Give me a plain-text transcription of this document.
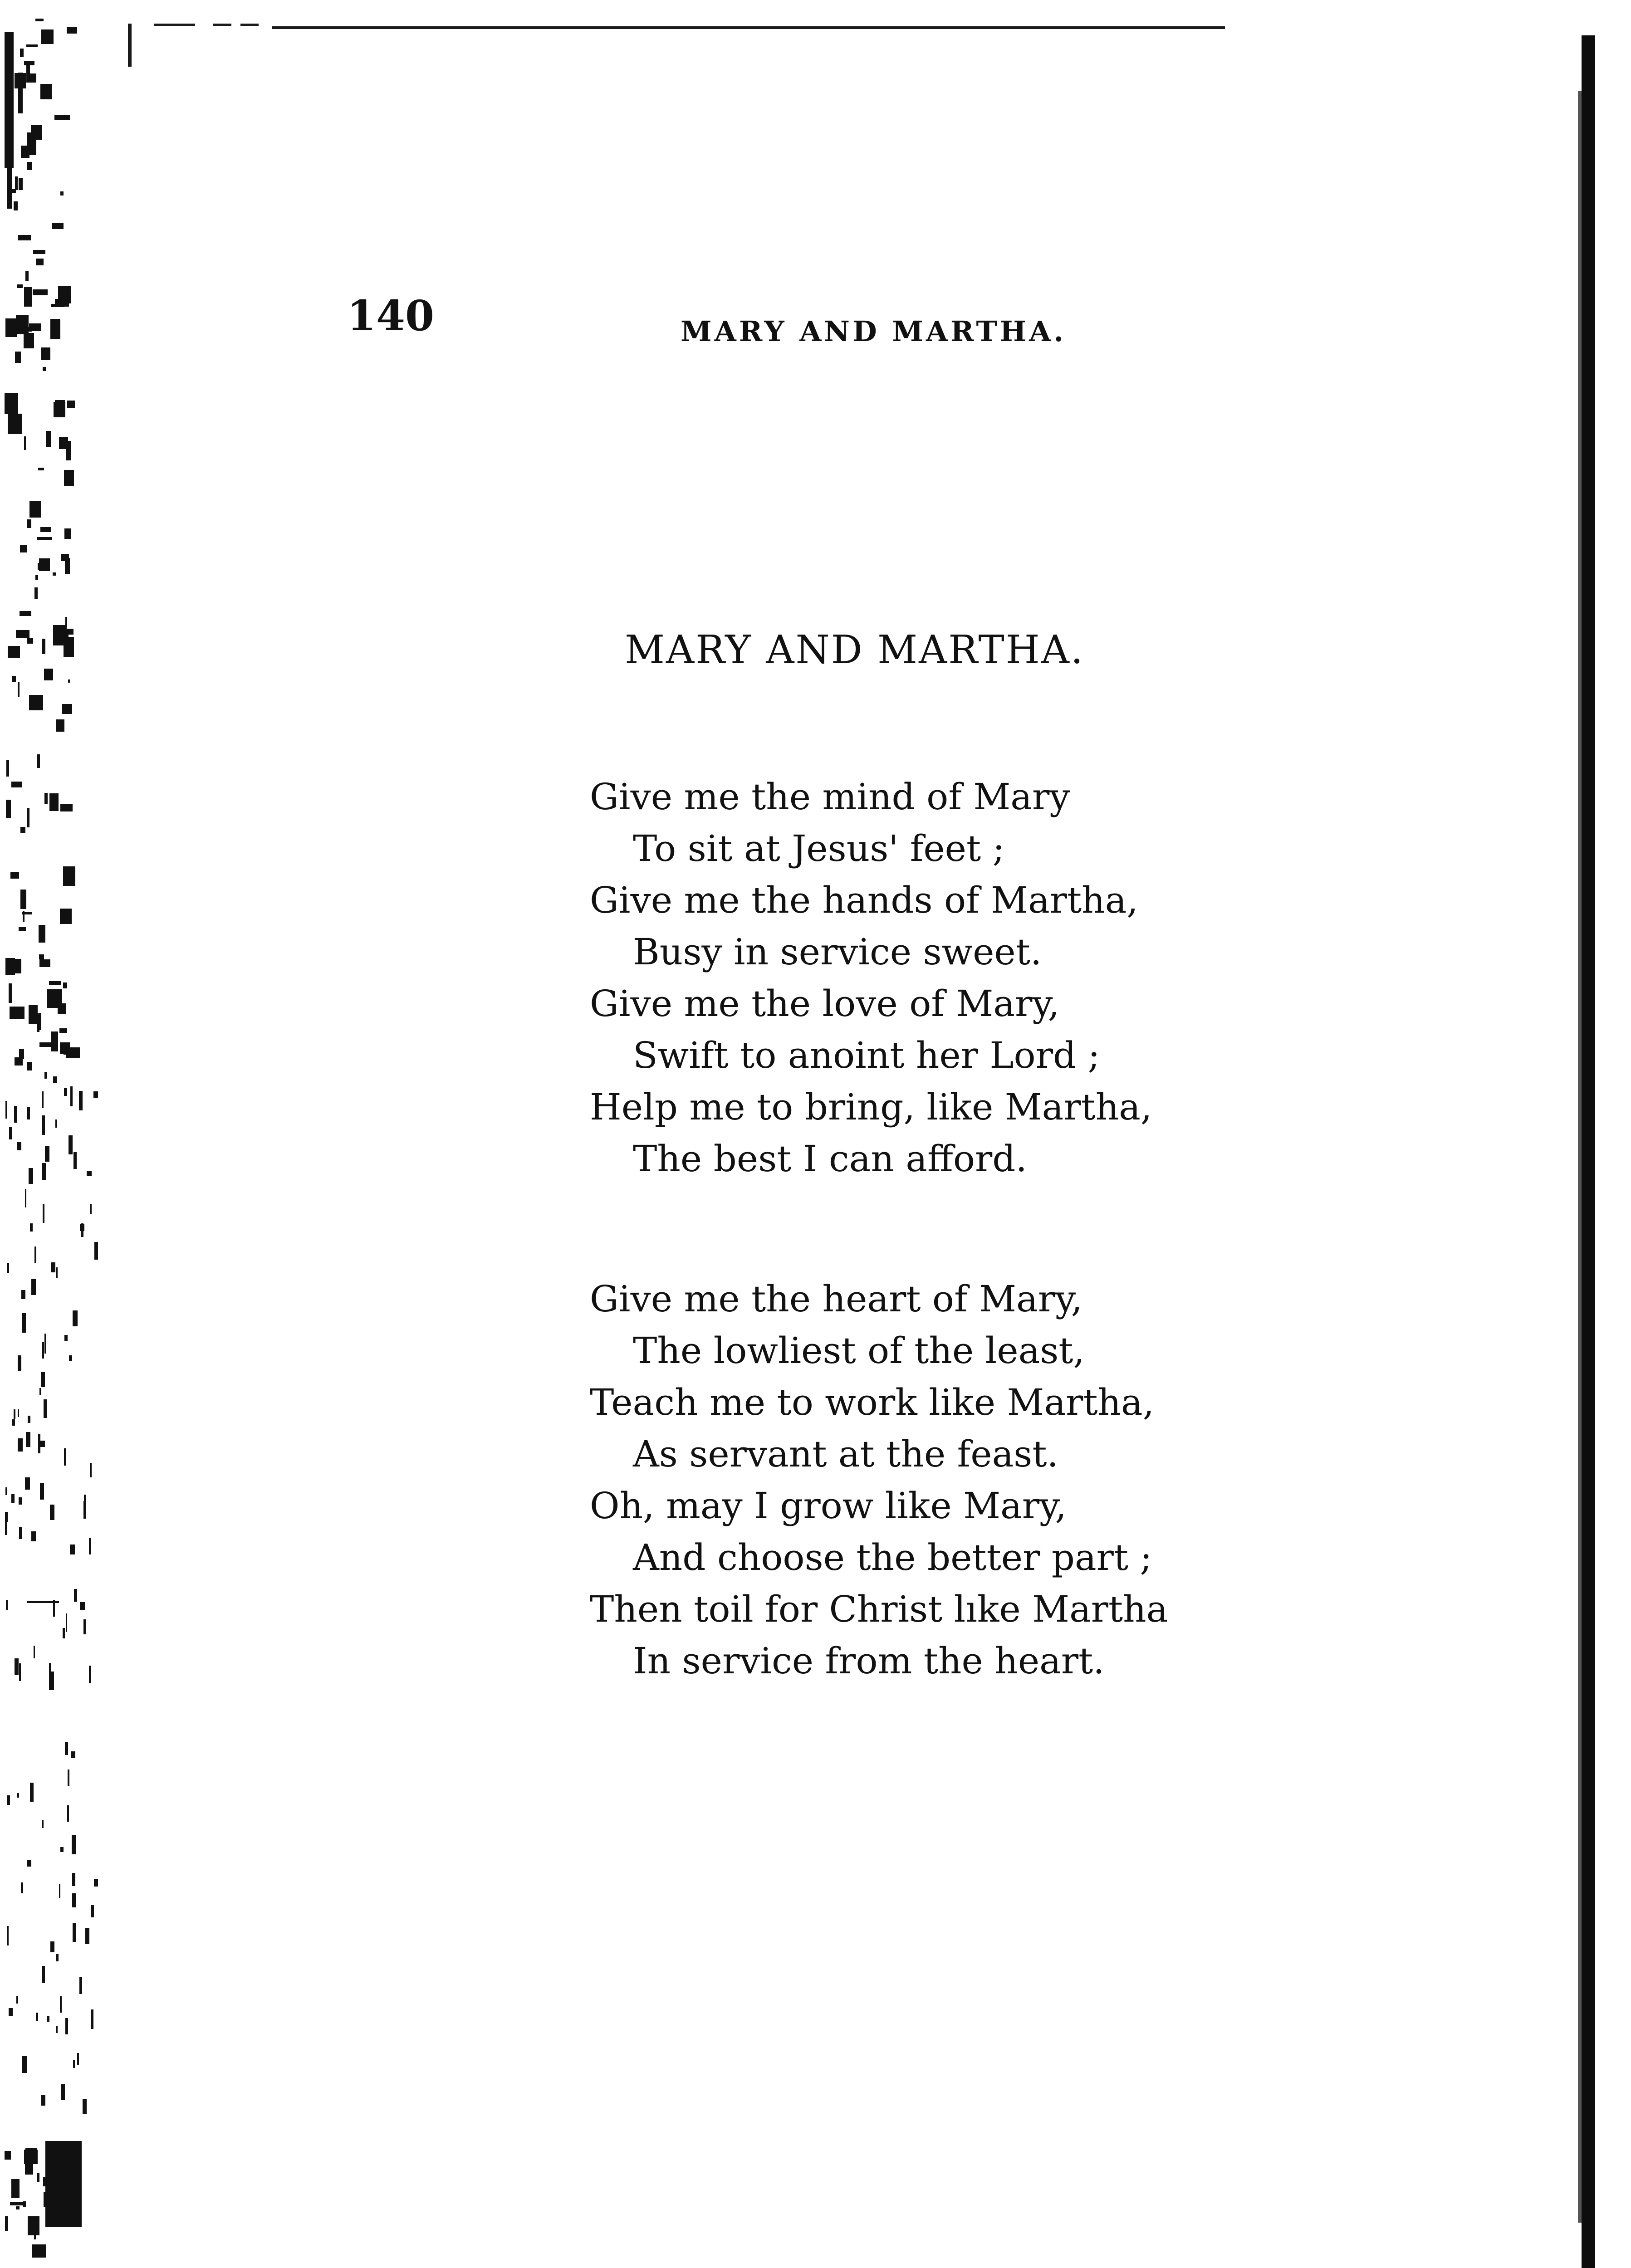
140	MARY AND MARTHA.
MARY AND MARTHA.
Give me the mind of Mary
To sit at Jesus' feet ;
Give me the hands of Martha,
Busy in service sweet.
Give me the love of Mary,
Swift to anoint her Lord ;
Help me to bring, like Martha,
The best I can afford.
Give me the heart of Mary,
The lowliest of the least,
Teach me to work like Martha,
As servant at the feast.
Oh, may I grow like Mary,
And choose the better part ;
Then toil for Christ lıke Martha
In service from the heart.
